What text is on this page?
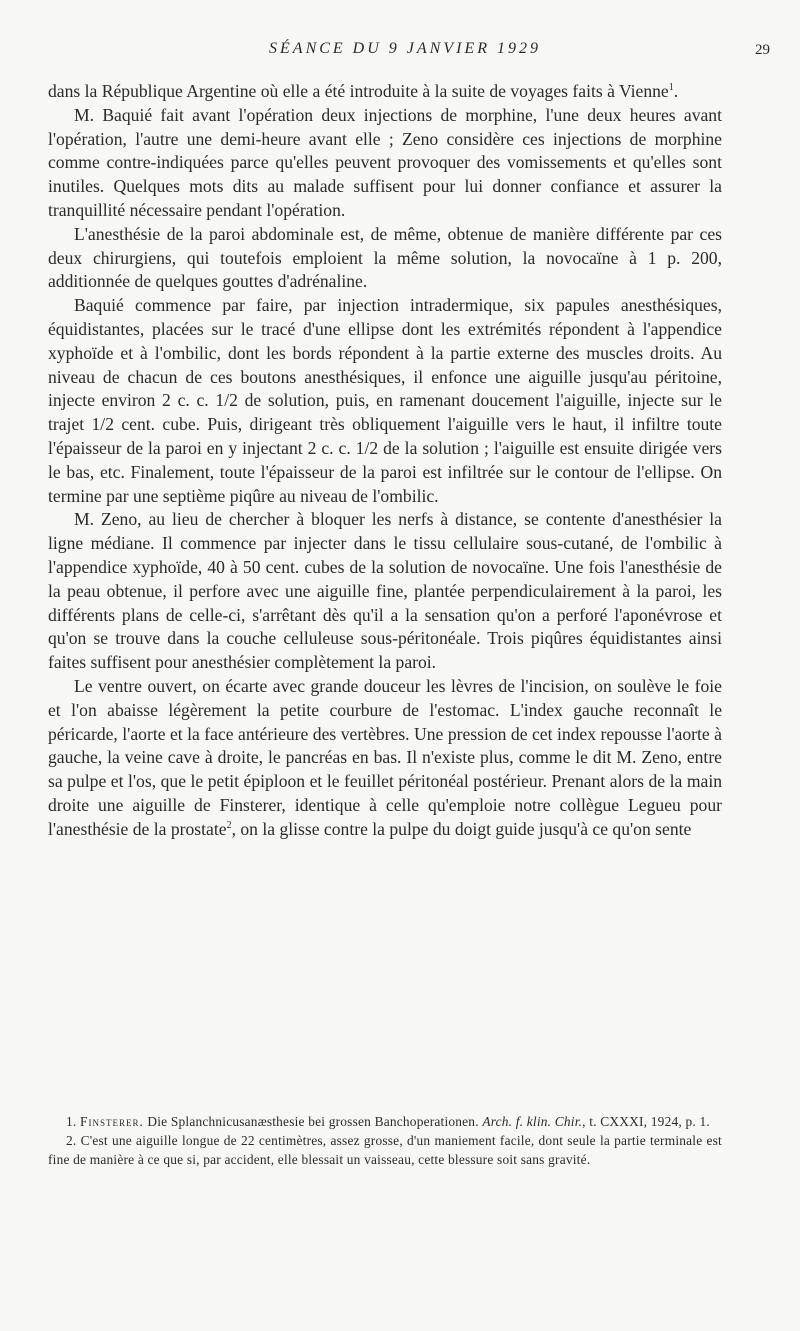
SÉANCE DU 9 JANVIER 1929	29

dans la République Argentine où elle a été introduite à la suite de voyages faits à Vienne$^1$.

M. Baquié fait avant l'opération deux injections de morphine, l'une deux heures avant l'opération, l'autre une demi-heure avant elle ; Zeno considère ces injections de morphine comme contre-indiquées parce qu'elles peuvent provoquer des vomissements et qu'elles sont inutiles. Quelques mots dits au malade suffisent pour lui donner confiance et assurer la tranquillité nécessaire pendant l'opération.

L'anesthésie de la paroi abdominale est, de même, obtenue de manière différente par ces deux chirurgiens, qui toutefois emploient la même solution, la novocaïne à 1 p. 200, additionnée de quelques gouttes d'adrénaline.

Baquié commence par faire, par injection intradermique, six papules anesthésiques, équidistantes, placées sur le tracé d'une ellipse dont les extrémités répondent à l'appendice xyphoïde et à l'ombilic, dont les bords répondent à la partie externe des muscles droits. Au niveau de chacun de ces boutons anesthésiques, il enfonce une aiguille jusqu'au péritoine, injecte environ 2 c. c. 1/2 de solution, puis, en ramenant doucement l'aiguille, injecte sur le trajet 1/2 cent. cube. Puis, dirigeant très obliquement l'aiguille vers le haut, il infiltre toute l'épaisseur de la paroi en y injectant 2 c. c. 1/2 de la solution ; l'aiguille est ensuite dirigée vers le bas, etc. Finalement, toute l'épaisseur de la paroi est infiltrée sur le contour de l'ellipse. On termine par une septième piqûre au niveau de l'ombilic.

M. Zeno, au lieu de chercher à bloquer les nerfs à distance, se contente d'anesthésier la ligne médiane. Il commence par injecter dans le tissu cellulaire sous-cutané, de l'ombilic à l'appendice xyphoïde, 40 à 50 cent. cubes de la solution de novocaïne. Une fois l'anesthésie de la peau obtenue, il perfore avec une aiguille fine, plantée perpendiculairement à la paroi, les différents plans de celle-ci, s'arrêtant dès qu'il a la sensation qu'on a perforé l'aponévrose et qu'on se trouve dans la couche celluleuse sous-péritonéale. Trois piqûres équidistantes ainsi faites suffisent pour anesthésier complètement la paroi.

Le ventre ouvert, on écarte avec grande douceur les lèvres de l'incision, on soulève le foie et l'on abaisse légèrement la petite courbure de l'estomac. L'index gauche reconnaît le péricarde, l'aorte et la face antérieure des vertèbres. Une pression de cet index repousse l'aorte à gauche, la veine cave à droite, le pancréas en bas. Il n'existe plus, comme le dit M. Zeno, entre sa pulpe et l'os, que le petit épiploon et le feuillet péritonéal postérieur. Prenant alors de la main droite une aiguille de Finsterer, identique à celle qu'emploie notre collègue Legueu pour l'anesthésie de la prostate$^2$, on la glisse contre la pulpe du doigt guide jusqu'à ce qu'on sente

1. Finsterer. Die Splanchnicusanæsthesie bei grossen Banchoperationen. Arch. f. klin. Chir., t. CXXXI, 1924, p. 1.

2. C'est une aiguille longue de 22 centimètres, assez grosse, d'un maniement facile, dont seule la partie terminale est fine de manière à ce que si, par accident, elle blessait un vaisseau, cette blessure soit sans gravité.
